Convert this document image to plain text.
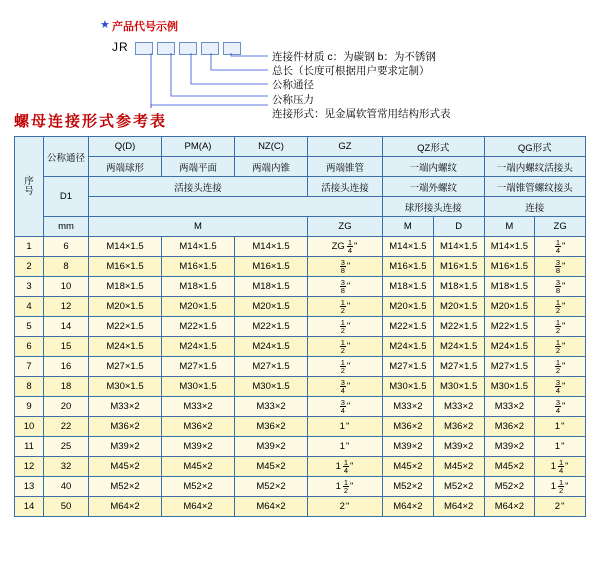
★ 产品代号示例
JR
连接件材质 c：为碳钢 b：为不锈钢
总长（长度可根据用户要求定制）
公称通径
公称压力
连接形式：见金属软管常用结构形式表
螺母连接形式参考表
序
号	公称通径	Q(D)	PM(A)	NZ(C)	GZ	QZ形式		QG形式	
		两端球形	两端平面	两端内锥	两端锥管	一端内螺纹		一端内螺纹活接头	
	D1	活接头连接			活接头连接	一端外螺纹		一端锥管螺纹接头	
						球形接头连接		连接	
	mm	M			ZG	M	D	M	ZG
1	6	M14×1.5	M14×1.5	M14×1.5	ZG $\frac{1}{4}$ "	M14×1.5	M14×1.5	M14×1.5	$\frac{1}{4}$ "

2	8	M16×1.5	M16×1.5	M16×1.5	$\frac{3}{8}$ "	M16×1.5	M16×1.5	M16×1.5	$\frac{3}{8}$ "

3	10	M18×1.5	M18×1.5	M18×1.5	$\frac{3}{8}$ "	M18×1.5	M18×1.5	M18×1.5	$\frac{3}{8}$ "

4	12	M20×1.5	M20×1.5	M20×1.5	$\frac{1}{2}$ "	M20×1.5	M20×1.5	M20×1.5	$\frac{1}{2}$ "

5	14	M22×1.5	M22×1.5	M22×1.5	$\frac{1}{2}$ "	M22×1.5	M22×1.5	M22×1.5	$\frac{1}{2}$ "

6	15	M24×1.5	M24×1.5	M24×1.5	$\frac{1}{2}$ "	M24×1.5	M24×1.5	M24×1.5	$\frac{1}{2}$ "

7	16	M27×1.5	M27×1.5	M27×1.5	$\frac{1}{2}$ "	M27×1.5	M27×1.5	M27×1.5	$\frac{1}{2}$ "

8	18	M30×1.5	M30×1.5	M30×1.5	$\frac{3}{4}$ "	M30×1.5	M30×1.5	M30×1.5	$\frac{3}{4}$ "

9	20	M33×2	M33×2	M33×2	$\frac{3}{4}$ "	M33×2	M33×2	M33×2	$\frac{3}{4}$ "

10	22	M36×2	M36×2	M36×2	1 "	M36×2	M36×2	M36×2	1 "

11	25	M39×2	M39×2	M39×2	1 "	M39×2	M39×2	M39×2	1 "

12	32	M45×2	M45×2	M45×2	$1 \frac{1}{4}$ "	M45×2	M45×2	M45×2	$1 \frac{1}{4}$ "

13	40	M52×2	M52×2	M52×2	$1 \frac{1}{2}$ "	M52×2	M52×2	M52×2	$1 \frac{1}{2}$ "

14	50	M64×2	M64×2	M64×2	2 "	M64×2	M64×2	M64×2	2 "
